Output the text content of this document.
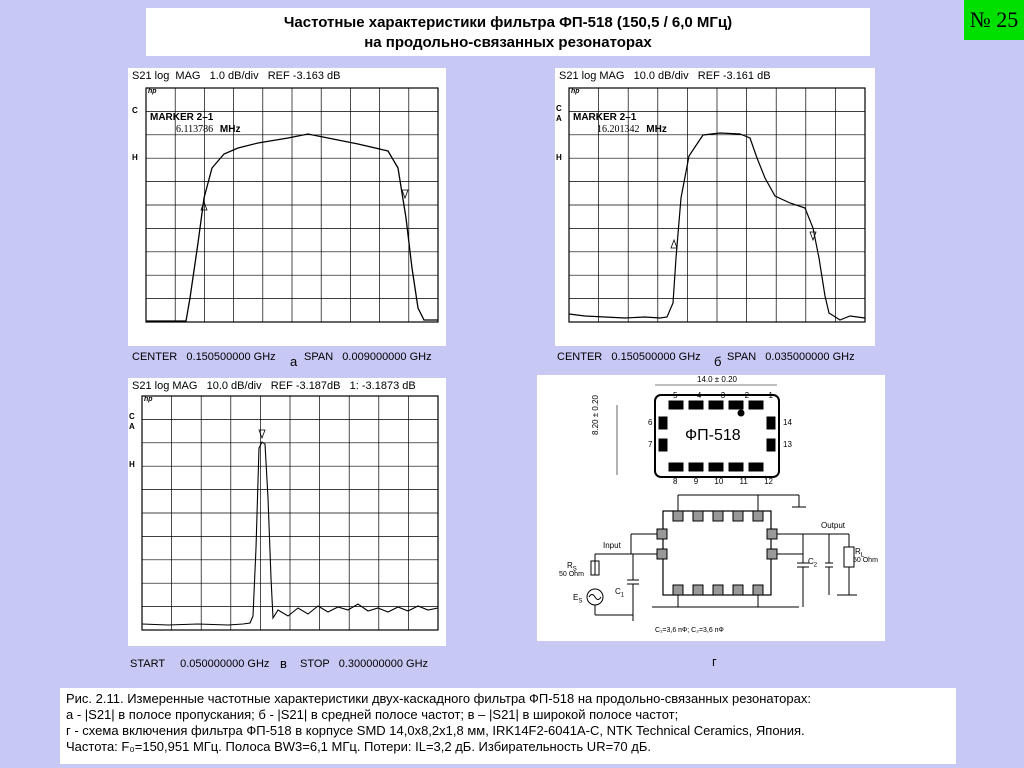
Частотные характеристики фильтра ФП-518 (150,5 / 6,0 МГц)
на продольно-связанных резонаторах
№ 25
S21 log  MAG   1.0 dB/div   REF -3.163 dB
hp
C
H
MARKER 2–1
6.113786 MHz
CENTER   0.150500000 GHz а SPAN   0.009000000 GHz
S21 log MAG   10.0 dB/div   REF -3.161 dB
hp
C
A
H
MARKER 2–1
16.201342 MHz
CENTER   0.150500000 GHz б SPAN   0.035000000 GHz
S21 log MAG   10.0 dB/div   REF -3.187dB   1: -3.1873 dB
hp
C
A
H
START     0.050000000 GHz в STOP   0.300000000 GHz
14.0 ± 0.20
8.20 ± 0.20
ФП-518
5 4 3 2 1
8 9 10 11 12
6
7
14
13
Input
Output
$R_S$
50 Ohm
$E_S$
$C_1$
$C_2$
$R_L$
50 Ohm
C₁=3,6 пФ; C₂=3,6 пФ
г
Рис. 2.11. Измеренные частотные характеристики двух-каскадного фильтра ФП-518 на продольно-связанных резонаторах:
а - |S21| в полосе пропускания; б - |S21| в средней полосе частот; в – |S21| в широкой полосе частот;
г - схема включения фильтра ФП-518 в корпусе SMD 14,0x8,2x1,8 мм, IRK14F2-6041A-C, NTK Technical Ceramics, Япония.
Частота: F₀=150,951 МГц. Полоса BW3=6,1 МГц. Потери: IL=3,2 дБ. Избирательность UR=70 дБ.
